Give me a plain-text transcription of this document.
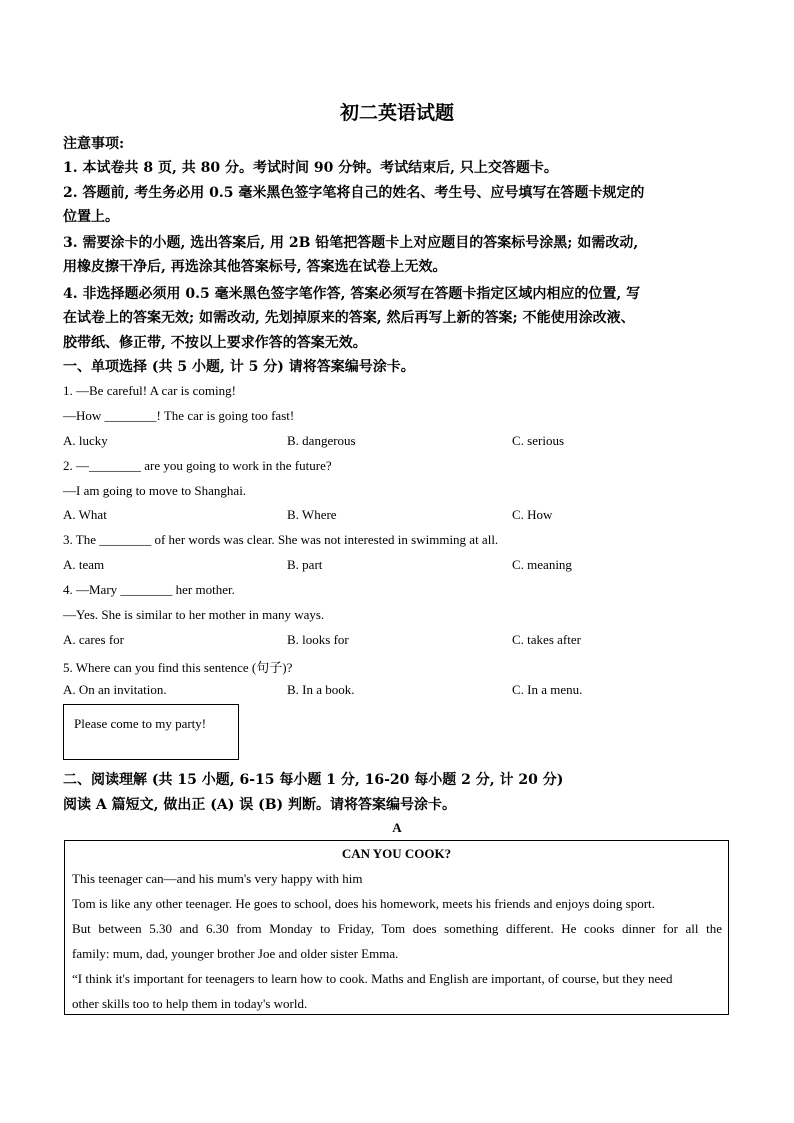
初二英语试题
注意事项:
1. 本试卷共 8 页, 共 80 分。考试时间 90 分钟。考试结束后, 只上交答题卡。
2. 答题前, 考生务必用 0.5 毫米黑色签字笔将自己的姓名、考生号、应号填写在答题卡规定的
位置上。
3. 需要涂卡的小题, 选出答案后, 用 2B 铅笔把答题卡上对应题目的答案标号涂黑; 如需改动,
用橡皮擦干净后, 再选涂其他答案标号, 答案选在试卷上无效。
4. 非选择题必须用 0.5 毫米黑色签字笔作答, 答案必须写在答题卡指定区域内相应的位置, 写
在试卷上的答案无效; 如需改动, 先划掉原来的答案, 然后再写上新的答案; 不能使用涂改液、
胶带纸、修正带, 不按以上要求作答的答案无效。
一、单项选择 (共 5 小题, 计 5 分) 请将答案编号涂卡。
1. —Be careful! A car is coming!
—How ________! The car is going too fast!
A. lucky	B. dangerous	C. serious
2. —________ are you going to work in the future?
—I am going to move to Shanghai.
A. What	B. Where	C. How
3. The ________ of her words was clear. She was not interested in swimming at all.
A. team	B. part	C. meaning
4. —Mary ________ her mother.
—Yes. She is similar to her mother in many ways.
A. cares for	B. looks for	C. takes after
5. Where can you find this sentence (句子)?
A. On an invitation.	B. In a book.	C. In a menu.
Please come to my party!
二、阅读理解 (共 15 小题, 6-15 每小题 1 分, 16-20 每小题 2 分, 计 20 分)
阅读 A 篇短文, 做出正 (A) 误 (B) 判断。请将答案编号涂卡。
A
CAN YOU COOK?
This teenager can—and his mum's very happy with him
Tom is like any other teenager. He goes to school, does his homework, meets his friends and enjoys doing sport.
But between 5.30 and 6.30 from Monday to Friday, Tom does something different. He cooks dinner for all the
family: mum, dad, younger brother Joe and older sister Emma.
“I think it's important for teenagers to learn how to cook. Maths and English are important, of course, but they need
other skills too to help them in today's world.
